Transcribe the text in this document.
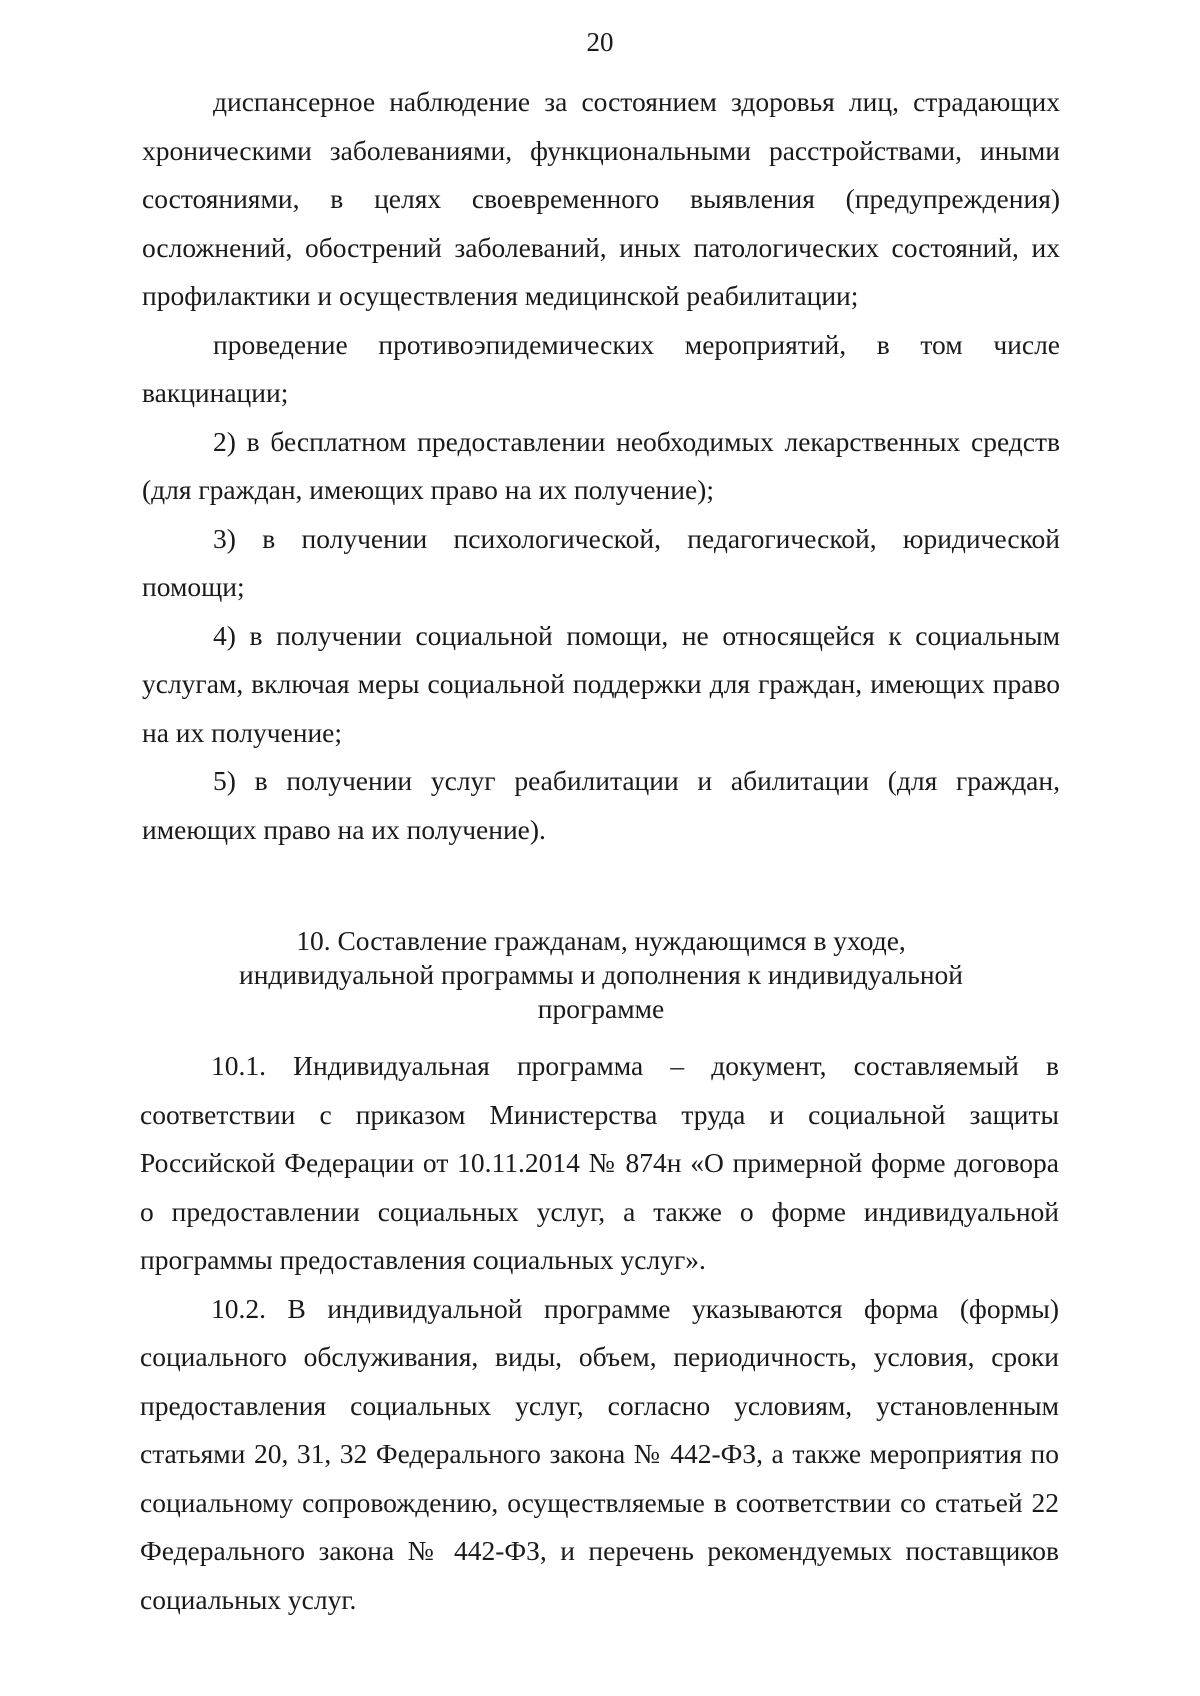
20

диспансерное наблюдение за состоянием здоровья лиц, страдающих хроническими заболеваниями, функциональными расстройствами, иными состояниями, в целях своевременного выявления (предупреждения) осложнений, обострений заболеваний, иных патологических состояний, их профилактики и осуществления медицинской реабилитации;

проведение противоэпидемических мероприятий, в том числе вакцинации;

2) в бесплатном предоставлении необходимых лекарственных средств (для граждан, имеющих право на их получение);

3) в получении психологической, педагогической, юридической помощи;

4) в получении социальной помощи, не относящейся к социальным услугам, включая меры социальной поддержки для граждан, имеющих право на их получение;

5) в получении услуг реабилитации и абилитации (для граждан, имеющих право на их получение).

10. Составление гражданам, нуждающимся в уходе,
индивидуальной программы и дополнения к индивидуальной
программе

10.1. Индивидуальная программа – документ, составляемый в соответствии с приказом Министерства труда и социальной защиты Российской Федерации от 10.11.2014 № 874н «О примерной форме договора о предоставлении социальных услуг, а также о форме индивидуальной программы предоставления социальных услуг».

10.2. В индивидуальной программе указываются форма (формы) социального обслуживания, виды, объем, периодичность, условия, сроки предоставления социальных услуг, согласно условиям, установленным статьями 20, 31, 32 Федерального закона № 442-ФЗ, а также мероприятия по социальному сопровождению, осуществляемые в соответствии со статьей 22 Федерального закона № 442-ФЗ, и перечень рекомендуемых поставщиков социальных услуг.
